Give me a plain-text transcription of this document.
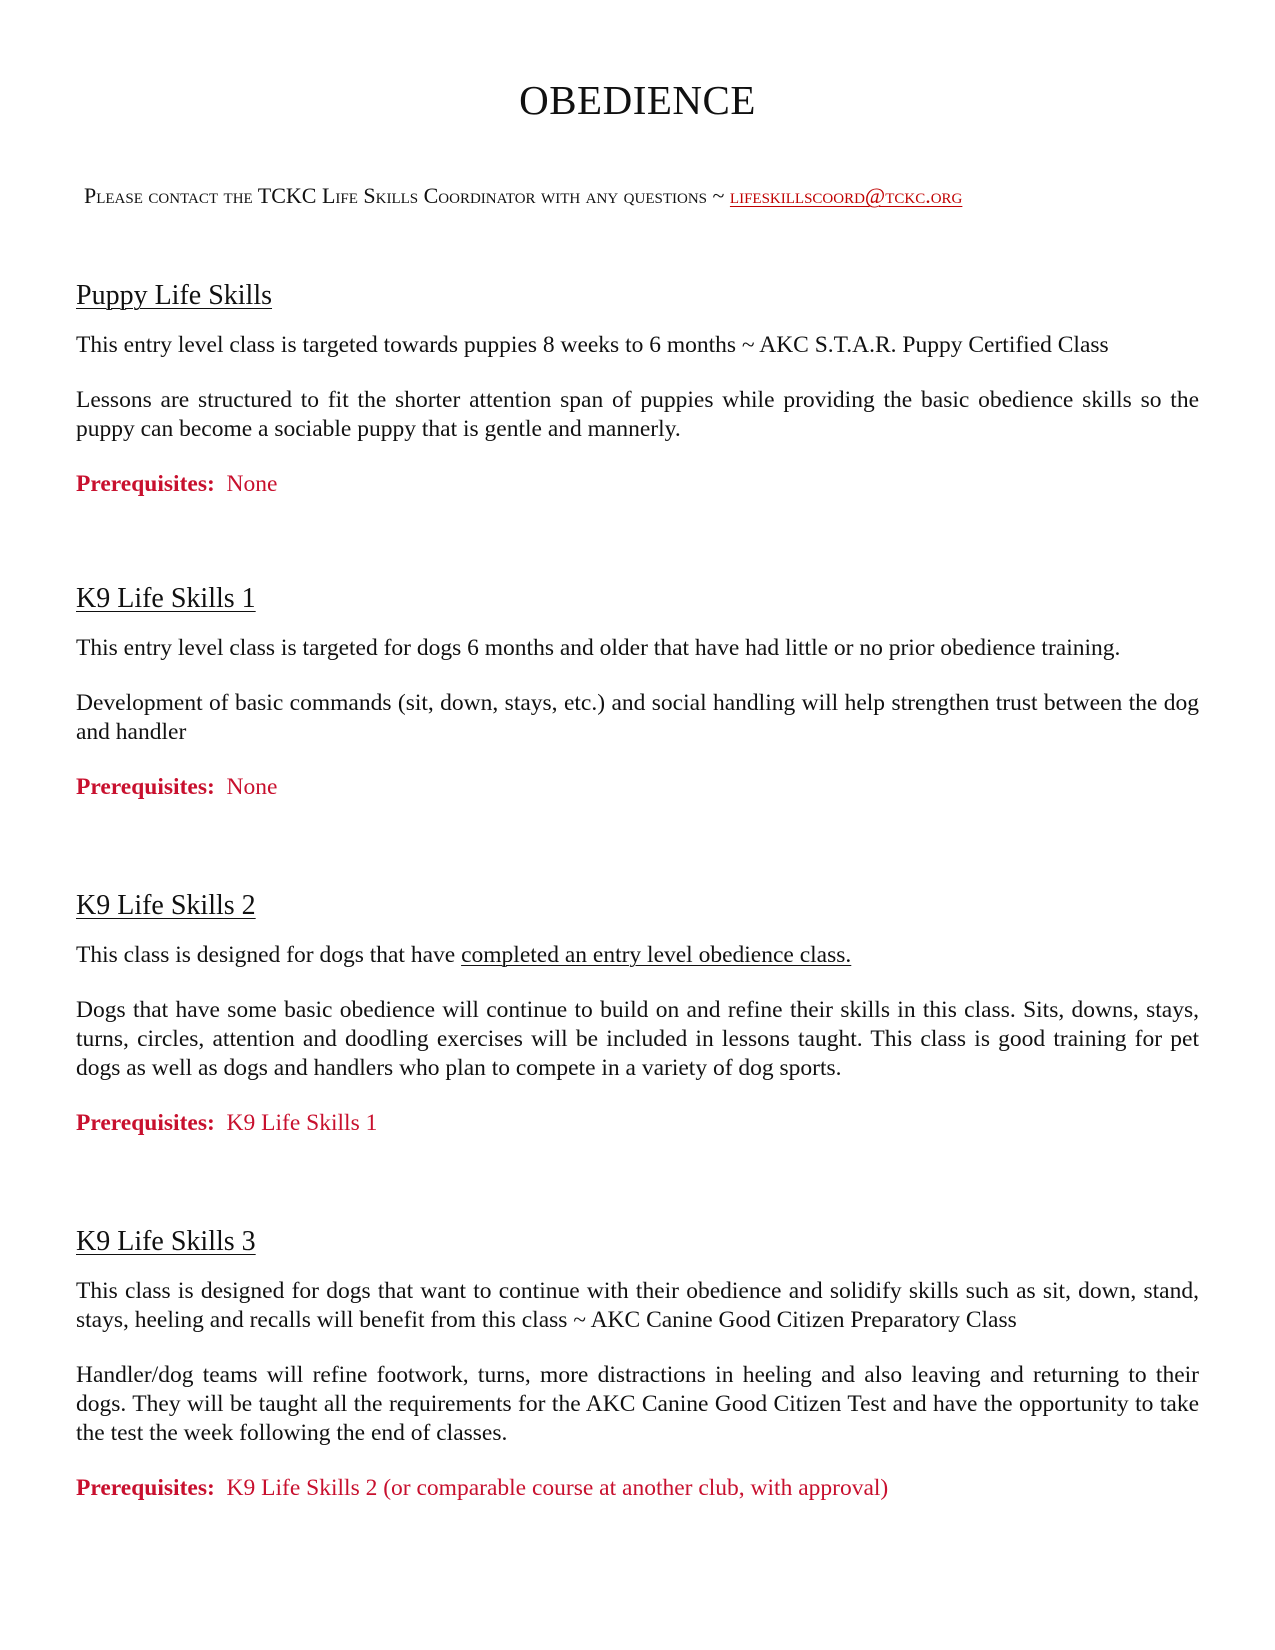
OBEDIENCE
Please contact the TCKC Life Skills Coordinator with any questions ~ lifeskillscoord@tckc.org
Puppy Life Skills

This entry level class is targeted towards puppies 8 weeks to 6 months ~ AKC S.T.A.R. Puppy Certified Class

Lessons are structured to fit the shorter attention span of puppies while providing the basic obedience skills so the puppy can become a sociable puppy that is gentle and mannerly.

Prerequisites: None

K9 Life Skills 1

This entry level class is targeted for dogs 6 months and older that have had little or no prior obedience training.

Development of basic commands (sit, down, stays, etc.) and social handling will help strengthen trust between the dog and handler

Prerequisites: None

K9 Life Skills 2

This class is designed for dogs that have completed an entry level obedience class.

Dogs that have some basic obedience will continue to build on and refine their skills in this class. Sits, downs, stays, turns, circles, attention and doodling exercises will be included in lessons taught. This class is good training for pet dogs as well as dogs and handlers who plan to compete in a variety of dog sports.

Prerequisites: K9 Life Skills 1

K9 Life Skills 3

This class is designed for dogs that want to continue with their obedience and solidify skills such as sit, down, stand, stays, heeling and recalls will benefit from this class ~ AKC Canine Good Citizen Preparatory Class

Handler/dog teams will refine footwork, turns, more distractions in heeling and also leaving and returning to their dogs. They will be taught all the requirements for the AKC Canine Good Citizen Test and have the opportunity to take the test the week following the end of classes.

Prerequisites: K9 Life Skills 2 (or comparable course at another club, with approval)
